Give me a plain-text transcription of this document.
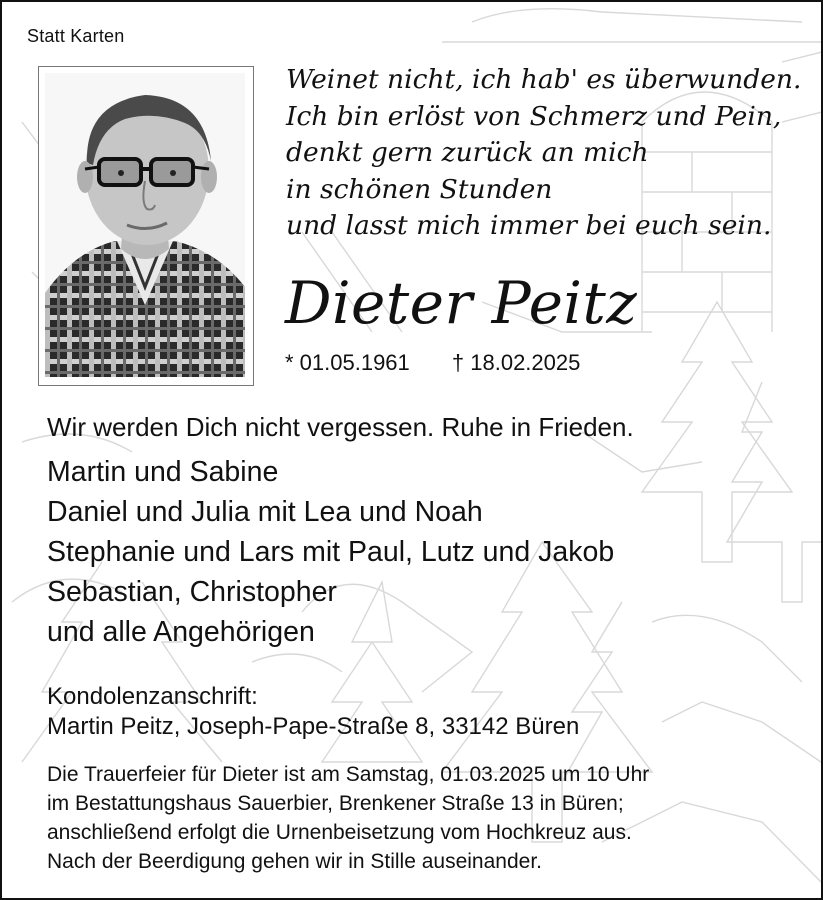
Statt Karten
Weinet nicht, ich hab' es überwunden.
Ich bin erlöst von Schmerz und Pein,
denkt gern zurück an mich
in schönen Stunden
und lasst mich immer bei euch sein.
Dieter Peitz
* 01.05.1961 † 18.02.2025
Wir werden Dich nicht vergessen. Ruhe in Frieden.
Martin und Sabine
Daniel und Julia mit Lea und Noah
Stephanie und Lars mit Paul, Lutz und Jakob
Sebastian, Christopher
und alle Angehörigen
Kondolenzanschrift:
Martin Peitz, Joseph-Pape-Straße 8, 33142 Büren
Die Trauerfeier für Dieter ist am Samstag, 01.03.2025 um 10 Uhr
im Bestattungshaus Sauerbier, Brenkener Straße 13 in Büren;
anschließend erfolgt die Urnenbeisetzung vom Hochkreuz aus.
Nach der Beerdigung gehen wir in Stille auseinander.
